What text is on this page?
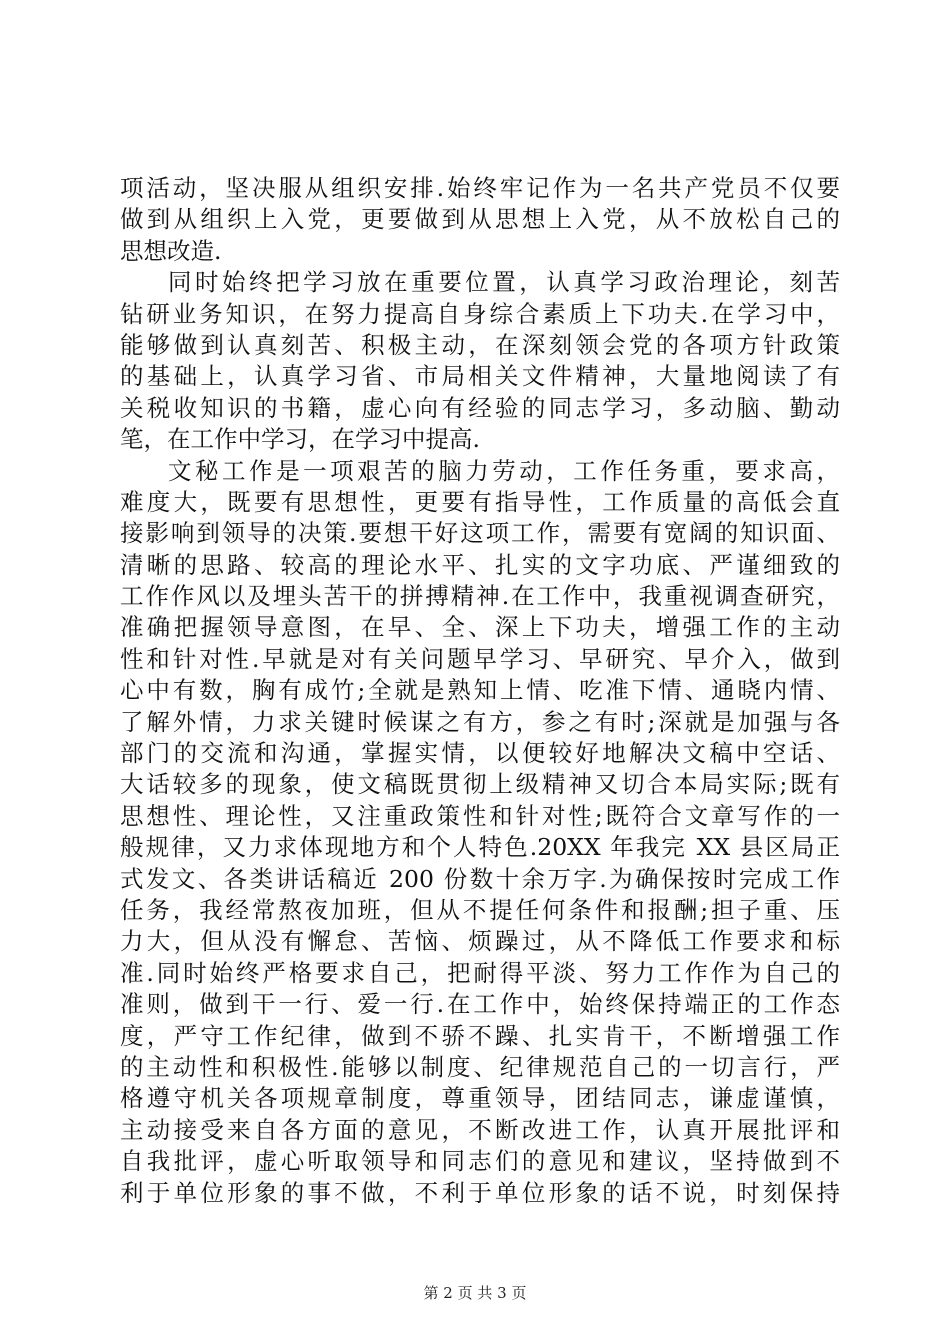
项活动，坚决服从组织安排.始终牢记作为一名共产党员不仅要
做到从组织上入党，更要做到从思想上入党，从不放松自己的
思想改造.
同时始终把学习放在重要位置，认真学习政治理论，刻苦
钻研业务知识，在努力提高自身综合素质上下功夫.在学习中，
能够做到认真刻苦、积极主动，在深刻领会党的各项方针政策
的基础上，认真学习省、市局相关文件精神，大量地阅读了有
关税收知识的书籍，虚心向有经验的同志学习，多动脑、勤动
笔，在工作中学习，在学习中提高.
文秘工作是一项艰苦的脑力劳动，工作任务重，要求高，
难度大，既要有思想性，更要有指导性，工作质量的高低会直
接影响到领导的决策.要想干好这项工作，需要有宽阔的知识面、
清晰的思路、较高的理论水平、扎实的文字功底、严谨细致的
工作作风以及埋头苦干的拼搏精神.在工作中，我重视调查研究，
准确把握领导意图，在早、全、深上下功夫，增强工作的主动
性和针对性.早就是对有关问题早学习、早研究、早介入，做到
心中有数，胸有成竹;全就是熟知上情、吃准下情、通晓内情、
了解外情，力求关键时候谋之有方，参之有时;深就是加强与各
部门的交流和沟通，掌握实情，以便较好地解决文稿中空话、
大话较多的现象，使文稿既贯彻上级精神又切合本局实际;既有
思想性、理论性，又注重政策性和针对性;既符合文章写作的一
般规律，又力求体现地方和个人特色.20XX 年我完 XX 县区局正
式发文、各类讲话稿近 200 份数十余万字.为确保按时完成工作
任务，我经常熬夜加班，但从不提任何条件和报酬;担子重、压
力大，但从没有懈怠、苦恼、烦躁过，从不降低工作要求和标
准.同时始终严格要求自己，把耐得平淡、努力工作作为自己的
准则，做到干一行、爱一行.在工作中，始终保持端正的工作态
度，严守工作纪律，做到不骄不躁、扎实肯干，不断增强工作
的主动性和积极性.能够以制度、纪律规范自己的一切言行，严
格遵守机关各项规章制度，尊重领导，团结同志，谦虚谨慎，
主动接受来自各方面的意见，不断改进工作，认真开展批评和
自我批评，虚心听取领导和同志们的意见和建议，坚持做到不
利于单位形象的事不做，不利于单位形象的话不说，时刻保持
第 2 页 共 3 页
